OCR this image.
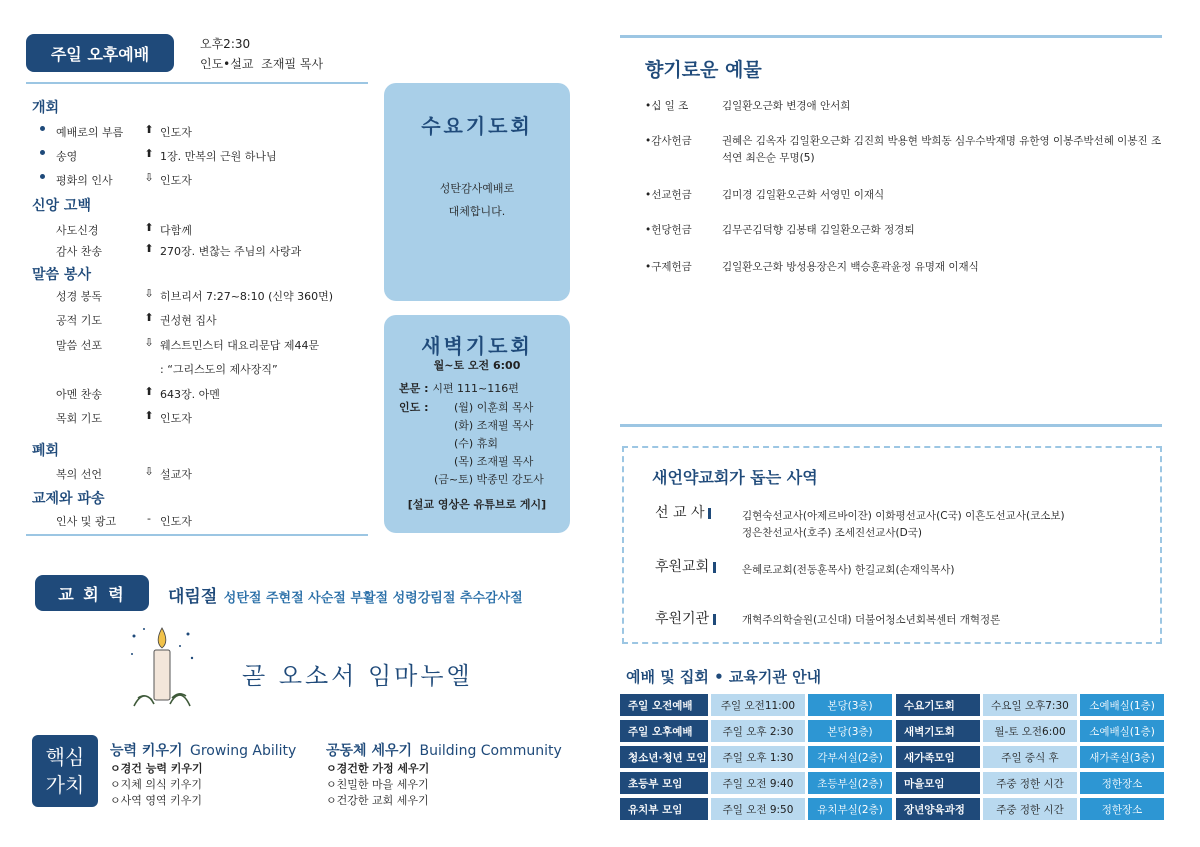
주일 오후예배
오후2:30
인도•설교 조재필 목사
개회
예배로의 부름 ⬆ 인도자
송영	⬆ 1장. 만복의 근원 하나님
평화의 인사	⇩ 인도자
신앙 고백
사도신경	⬆ 다함께
감사 찬송	⬆ 270장. 변찮는 주님의 사랑과
말씀 봉사
성경 봉독	⇩ 히브리서 7:27~8:10 (신약 360면)
공적 기도	⬆ 권성현 집사
말씀 선포	⇩ 웨스트민스터 대요리문답 제44문
: “그리스도의 제사장직”
아멘 찬송	⬆ 643장. 아멘
목회 기도	⬆ 인도자
폐회
복의 선언	⇩ 설교자
교제와 파송
인사 및 광고	- 인도자
수요기도회
성탄감사예배로
대체합니다.
새벽기도회
월~토 오전 6:00
본문 : 시편 111~116편
인도 : (월) 이훈희 목사
(화) 조재필 목사
(수) 휴회
(목) 조재필 목사
(금~토) 박종민 강도사
[설교 영상은 유튜브로 게시]
교 회 력	대림절 성탄절 주현절 사순절 부활절 성령강림절 추수감사절
곧 오소서 임마누엘
핵심
가치
능력 키우기 Growing Ability
ㅇ경건 능력 키우기
ㅇ지체 의식 키우기
ㅇ사역 영역 키우기
공동체 세우기 Building Community
ㅇ경건한 가정 세우기
ㅇ친밀한 마을 세우기
ㅇ건강한 교회 세우기
향기로운 예물
•십 일 조	김일환오근화 변경애 안서희
•감사헌금	권혜은 김옥자 김일환오근화 김진희 박용현 박희동 심우수박재명 유한영 이봉주박선혜 이봉진 조석연 최은순 무명(5)
•선교헌금	김미경 김일환오근화 서영민 이재식
•헌당헌금	김무곤김덕향 김봉태 김일환오근화 정경퇴
•구제헌금	김일환오근화 방성용장은지 백승훈곽윤정 유명재 이재식
새언약교회가 돕는 사역
선 교 사	김현숙선교사(아제르바이잔) 이화평선교사(C국) 이흔도선교사(코소보)
정은찬선교사(호주) 조세진선교사(D국)
후원교회	은혜로교회(전동훈목사) 한길교회(손재익목사)
후원기관	개혁주의학술원(고신대) 더불어청소년회복센터 개혁정론
예배 및 집회 • 교육기관 안내
주일 오전예배	주일 오전11:00	본당(3층)	수요기도회	수요일 오후7:30	소예배실(1층)
주일 오후예배	주일 오후 2:30	본당(3층)	새벽기도회	월-토 오전6:00	소예배실(1층)
청소년·청년 모임	주일 오후 1:30	각부서실(2층)	새가족모임	주일 중식 후	새가족실(3층)
초등부 모임	주일 오전 9:40	초등부실(2층)	마을모임	주중 정한 시간	정한장소
유치부 모임	주일 오전 9:50	유치부실(2층)	장년양육과정	주중 정한 시간	정한장소
